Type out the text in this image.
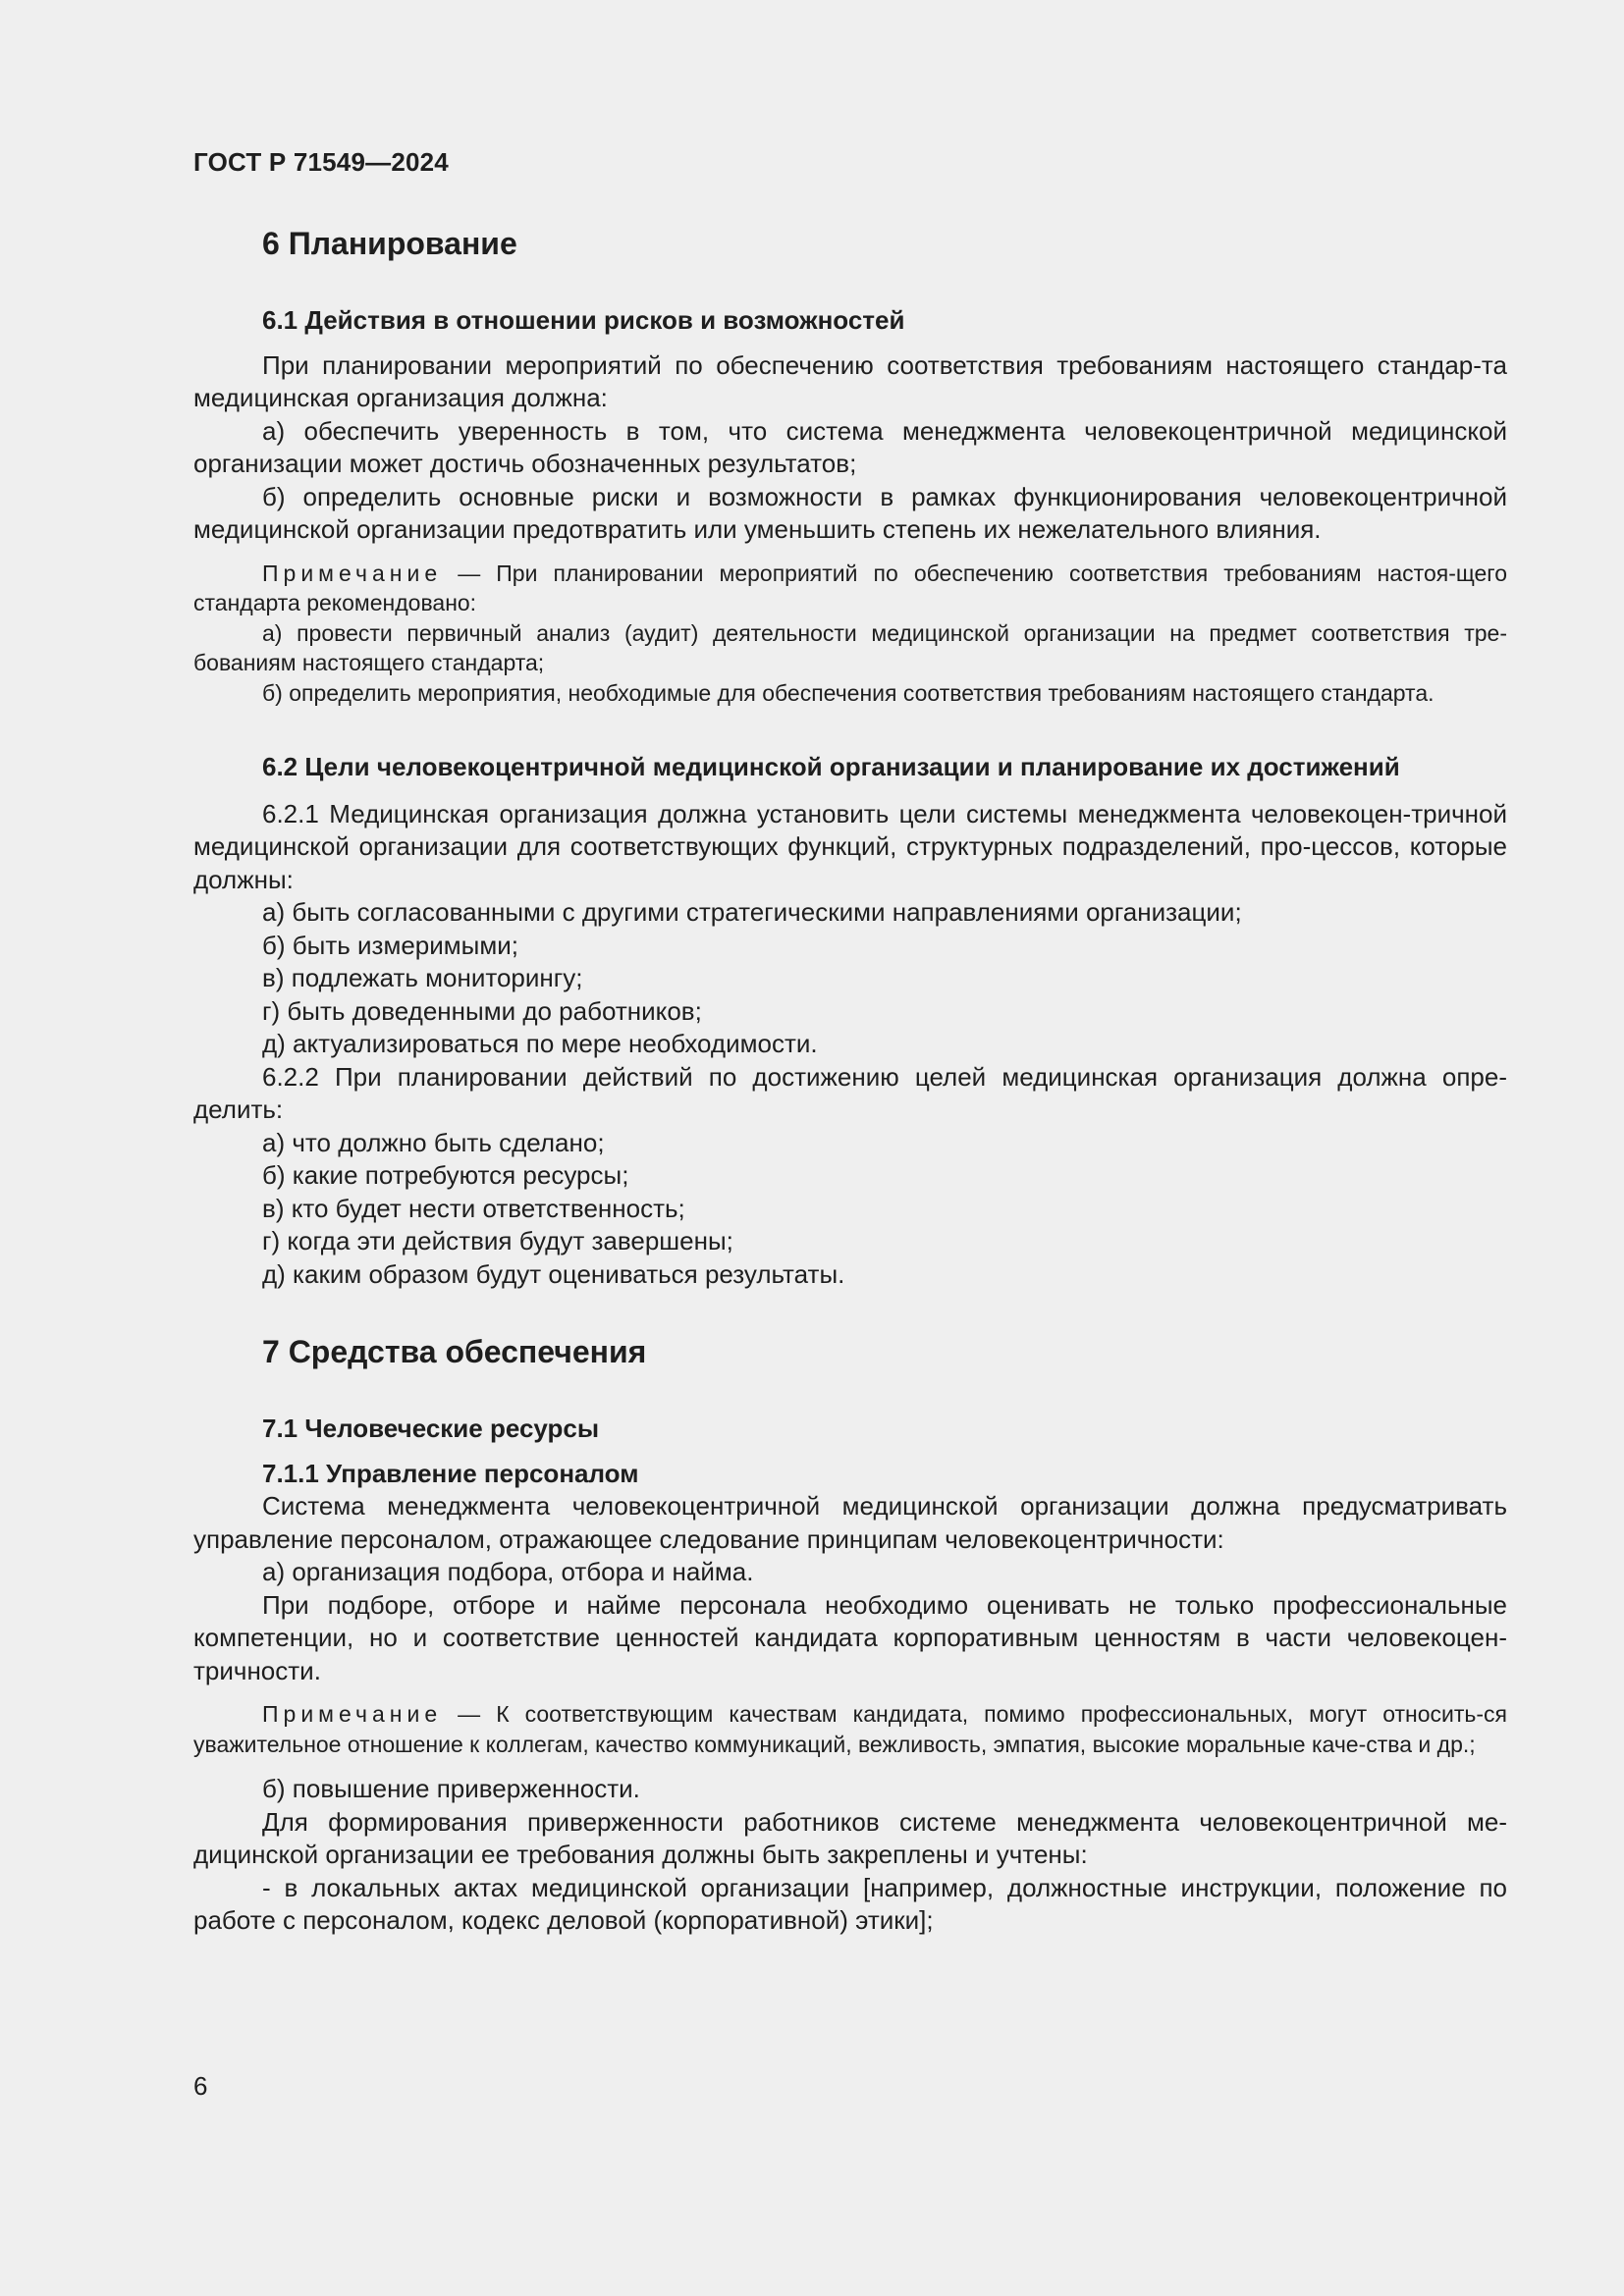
ГОСТ Р 71549—2024
6 Планирование
6.1 Действия в отношении рисков и возможностей

При планировании мероприятий по обеспечению соответствия требованиям настоящего стандар-та медицинская организация должна:

а) обеспечить уверенность в том, что система менеджмента человекоцентричной медицинской организации может достичь обозначенных результатов;

б) определить основные риски и возможности в рамках функционирования человекоцентричной медицинской организации предотвратить или уменьшить степень их нежелательного влияния.

Примечание — При планировании мероприятий по обеспечению соответствия требованиям настоя-щего стандарта рекомендовано:

а) провести первичный анализ (аудит) деятельности медицинской организации на предмет соответствия тре-бованиям настоящего стандарта;

б) определить мероприятия, необходимые для обеспечения соответствия требованиям настоящего стандарта.

6.2 Цели человекоцентричной медицинской организации и планирование их достижений

6.2.1 Медицинская организация должна установить цели системы менеджмента человекоцен-тричной медицинской организации для соответствующих функций, структурных подразделений, про-цессов, которые должны:

а) быть согласованными с другими стратегическими направлениями организации;

б) быть измеримыми;

в) подлежать мониторингу;

г) быть доведенными до работников;

д) актуализироваться по мере необходимости.

6.2.2 При планировании действий по достижению целей медицинская организация должна опре-делить:

а) что должно быть сделано;

б) какие потребуются ресурсы;

в) кто будет нести ответственность;

г) когда эти действия будут завершены;

д) каким образом будут оцениваться результаты.

7 Средства обеспечения
7.1 Человеческие ресурсы
7.1.1 Управление персоналом

Система менеджмента человекоцентричной медицинской организации должна предусматривать управление персоналом, отражающее следование принципам человекоцентричности:

а) организация подбора, отбора и найма.

При подборе, отборе и найме персонала необходимо оценивать не только профессиональные компетенции, но и соответствие ценностей кандидата корпоративным ценностям в части человекоцен-тричности.

Примечание — К соответствующим качествам кандидата, помимо профессиональных, могут относить-ся уважительное отношение к коллегам, качество коммуникаций, вежливость, эмпатия, высокие моральные каче-ства и др.;

б) повышение приверженности.

Для формирования приверженности работников системе менеджмента человекоцентричной ме-дицинской организации ее требования должны быть закреплены и учтены:

- в локальных актах медицинской организации [например, должностные инструкции, положение по работе с персоналом, кодекс деловой (корпоративной) этики];

6
